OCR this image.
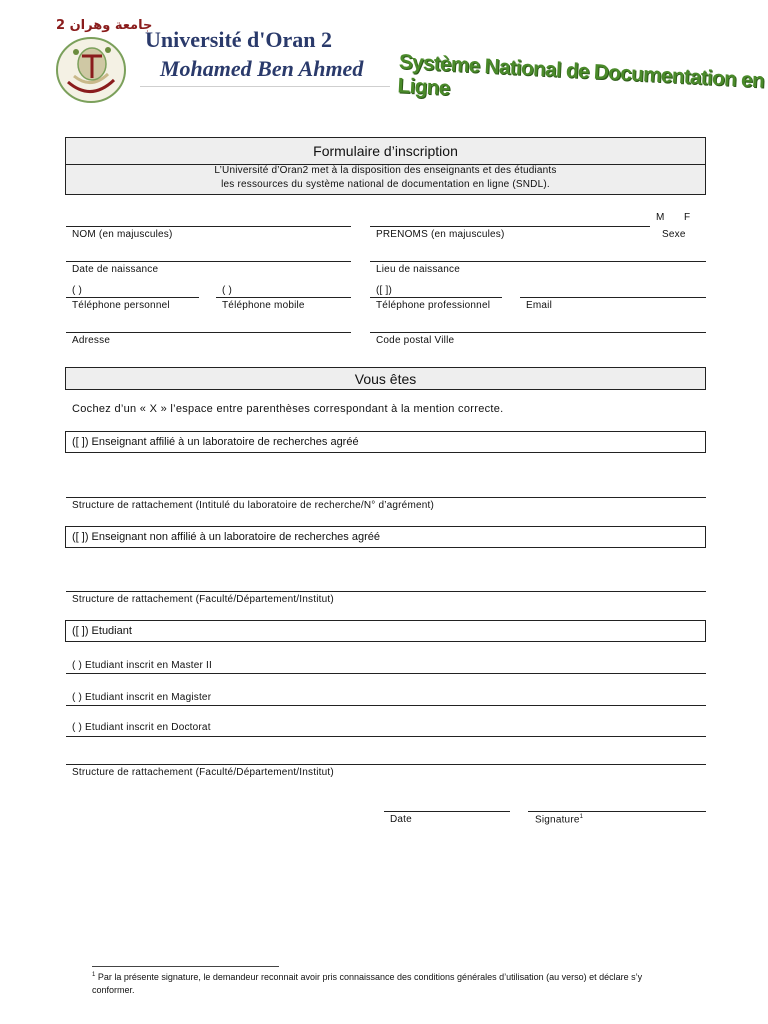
جامعة وهران 2
Université d'Oran 2
Mohamed Ben Ahmed Système National de Documentation en Ligne
Formulaire d’inscription
L’Université d’Oran2 met à la disposition des enseignants et des étudiants
les ressources du système national de documentation en ligne (SNDL).
M F
NOM (en majuscules)	PRENOMS (en majuscules)	Sexe
Date de naissance	Lieu de naissance
( )	( )	([ ])
Téléphone personnel	Téléphone mobile	Téléphone professionnel	Email
Adresse	Code postal Ville
Vous êtes
Cochez d’un « X » l’espace entre parenthèses correspondant à la mention correcte.
([ ]) Enseignant affilié à un laboratoire de recherches agréé
Structure de rattachement (Intitulé du laboratoire de recherche/N° d’agrément)
([ ]) Enseignant non affilié à un laboratoire de recherches agréé
Structure de rattachement (Faculté/Département/Institut)
([ ]) Etudiant
( ) Etudiant inscrit en Master II
( ) Etudiant inscrit en Magister
( ) Etudiant inscrit en Doctorat
Structure de rattachement (Faculté/Département/Institut)
Date	Signature$^1$
$^1$ Par la présente signature, le demandeur reconnait avoir pris connaissance des conditions générales d’utilisation (au verso) et déclare s’y
conformer.
